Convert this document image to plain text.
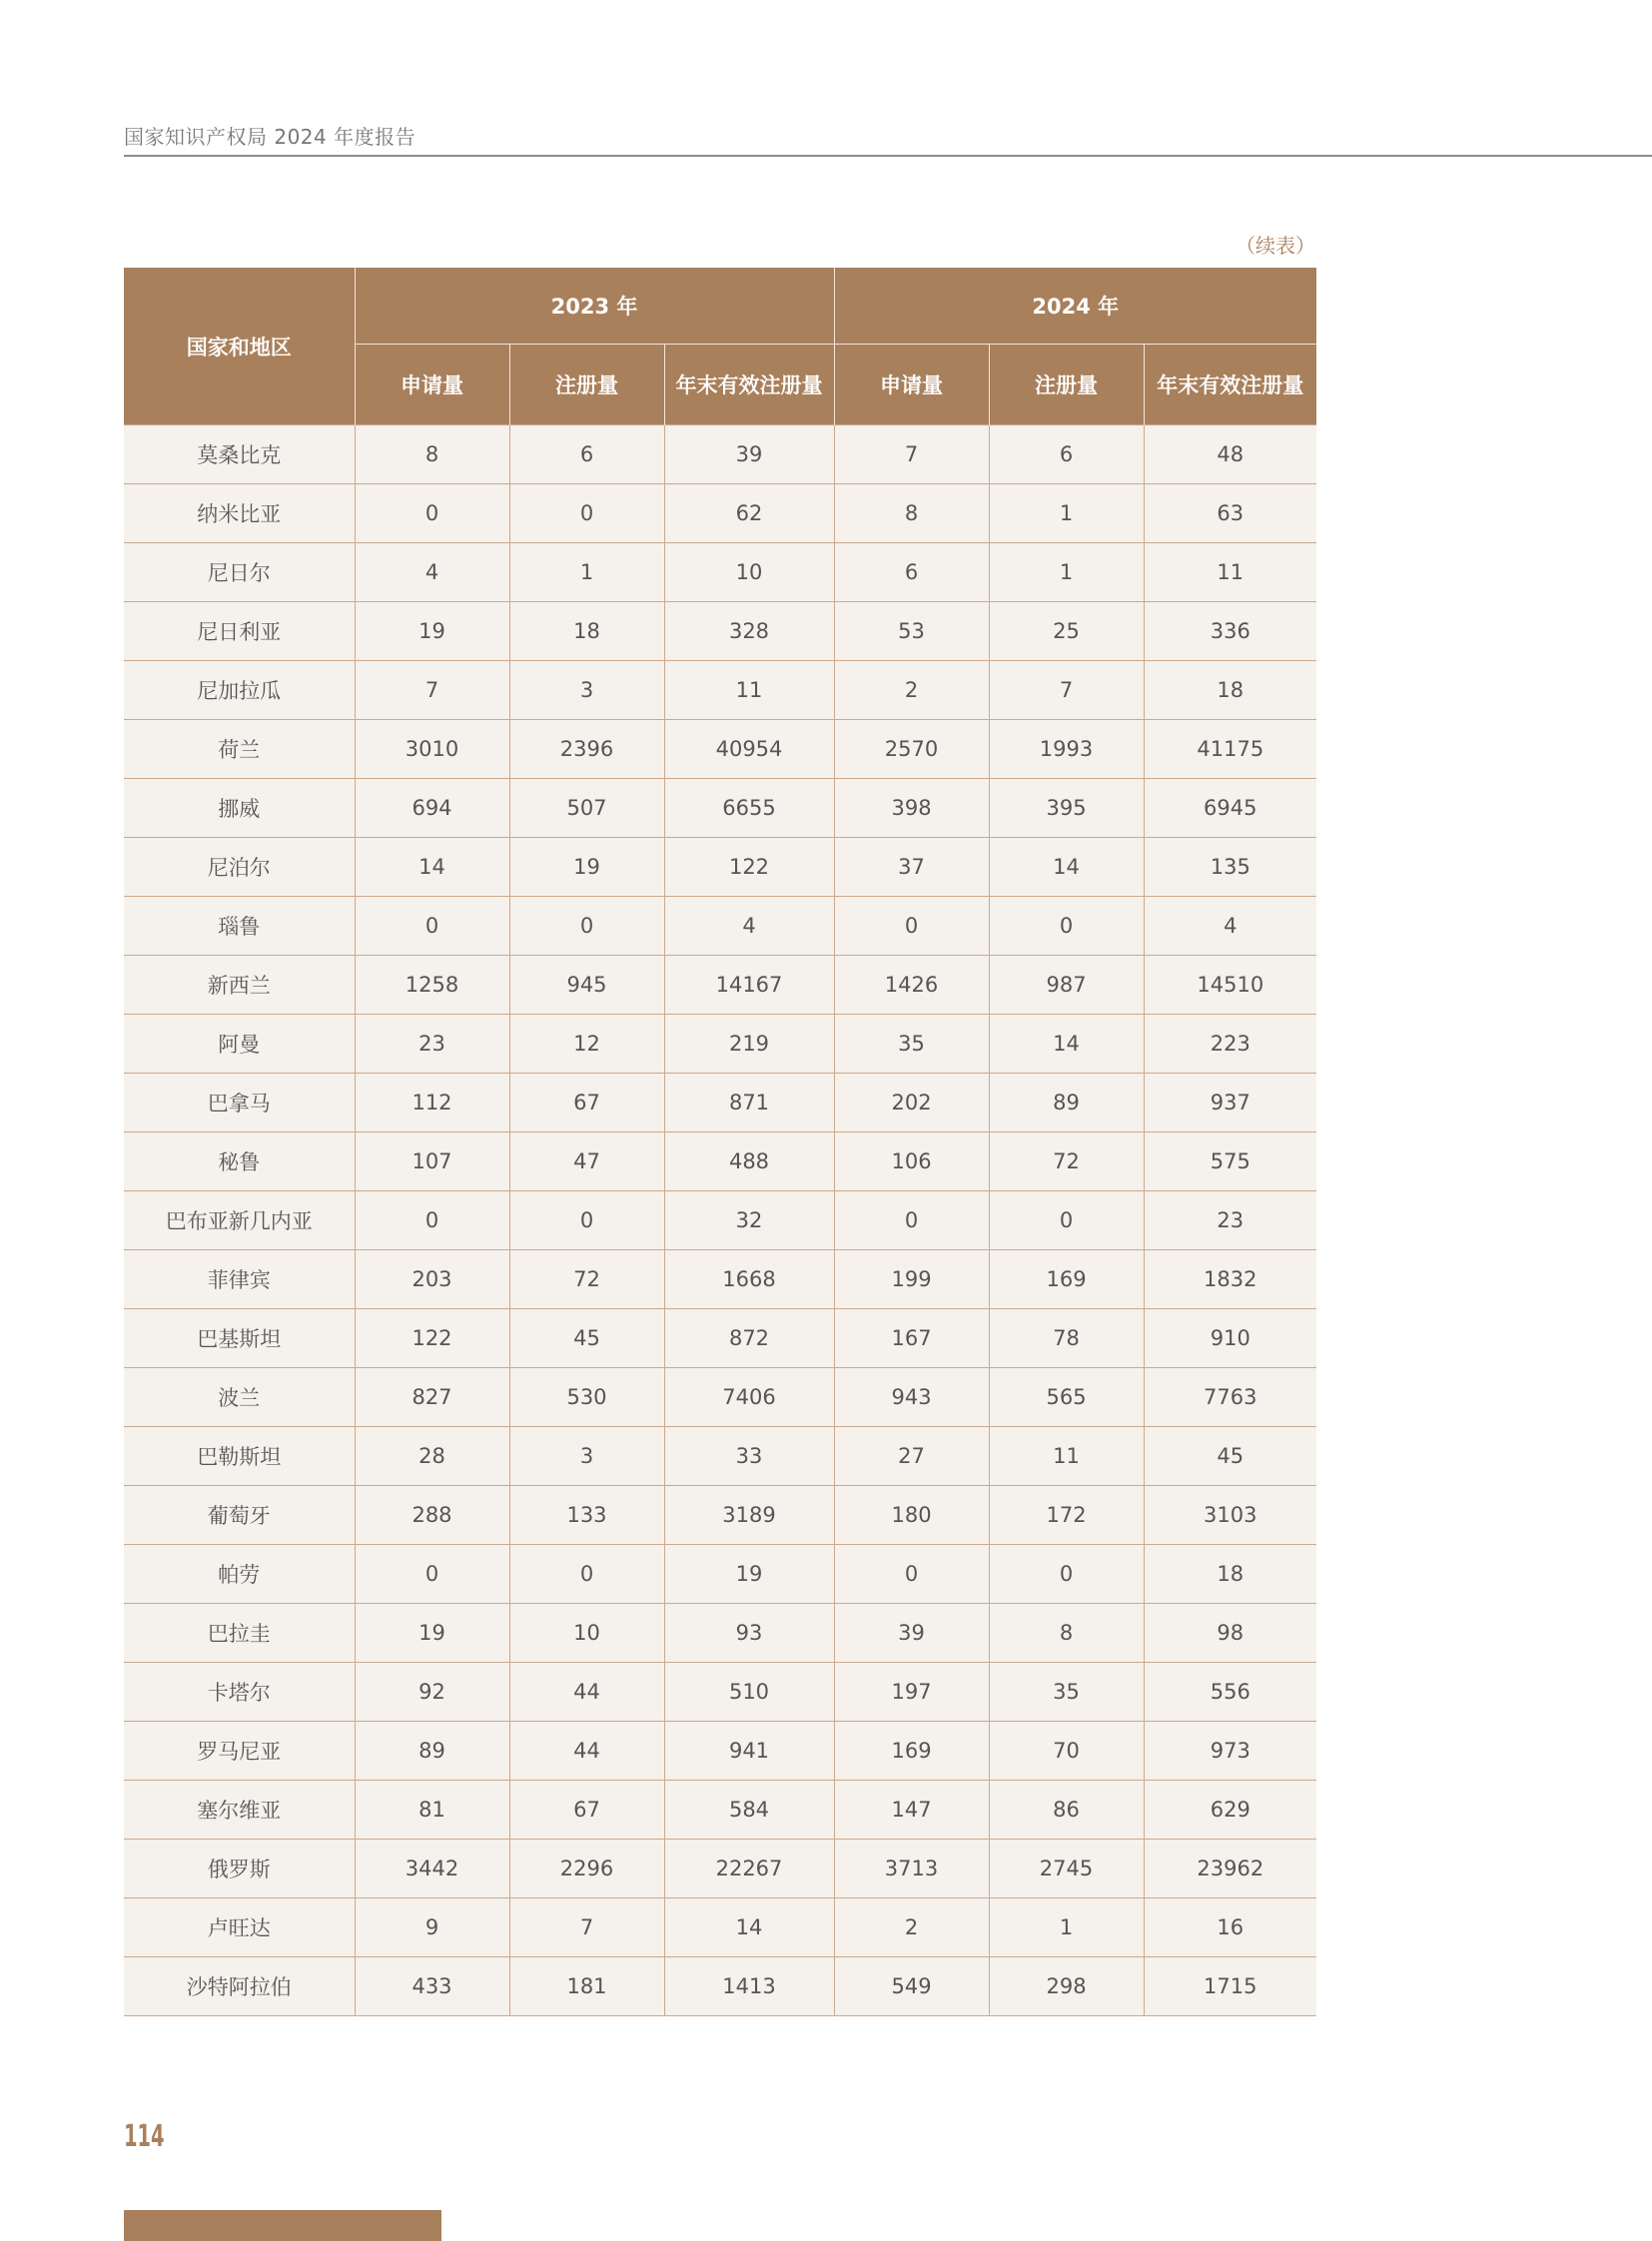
国家知识产权局 2024 年度报告
（续表）
国家和地区	2023 年			2024 年		
	申请量	注册量	年末有效注册量	申请量	注册量	年末有效注册量
莫桑比克	8	6	39	7	6	48
纳米比亚	0	0	62	8	1	63
尼日尔	4	1	10	6	1	11
尼日利亚	19	18	328	53	25	336
尼加拉瓜	7	3	11	2	7	18
荷兰	3010	2396	40954	2570	1993	41175
挪威	694	507	6655	398	395	6945
尼泊尔	14	19	122	37	14	135
瑙鲁	0	0	4	0	0	4
新西兰	1258	945	14167	1426	987	14510
阿曼	23	12	219	35	14	223
巴拿马	112	67	871	202	89	937
秘鲁	107	47	488	106	72	575
巴布亚新几内亚	0	0	32	0	0	23
菲律宾	203	72	1668	199	169	1832
巴基斯坦	122	45	872	167	78	910
波兰	827	530	7406	943	565	7763
巴勒斯坦	28	3	33	27	11	45
葡萄牙	288	133	3189	180	172	3103
帕劳	0	0	19	0	0	18
巴拉圭	19	10	93	39	8	98
卡塔尔	92	44	510	197	35	556
罗马尼亚	89	44	941	169	70	973
塞尔维亚	81	67	584	147	86	629
俄罗斯	3442	2296	22267	3713	2745	23962
卢旺达	9	7	14	2	1	16
沙特阿拉伯	433	181	1413	549	298	1715
114
